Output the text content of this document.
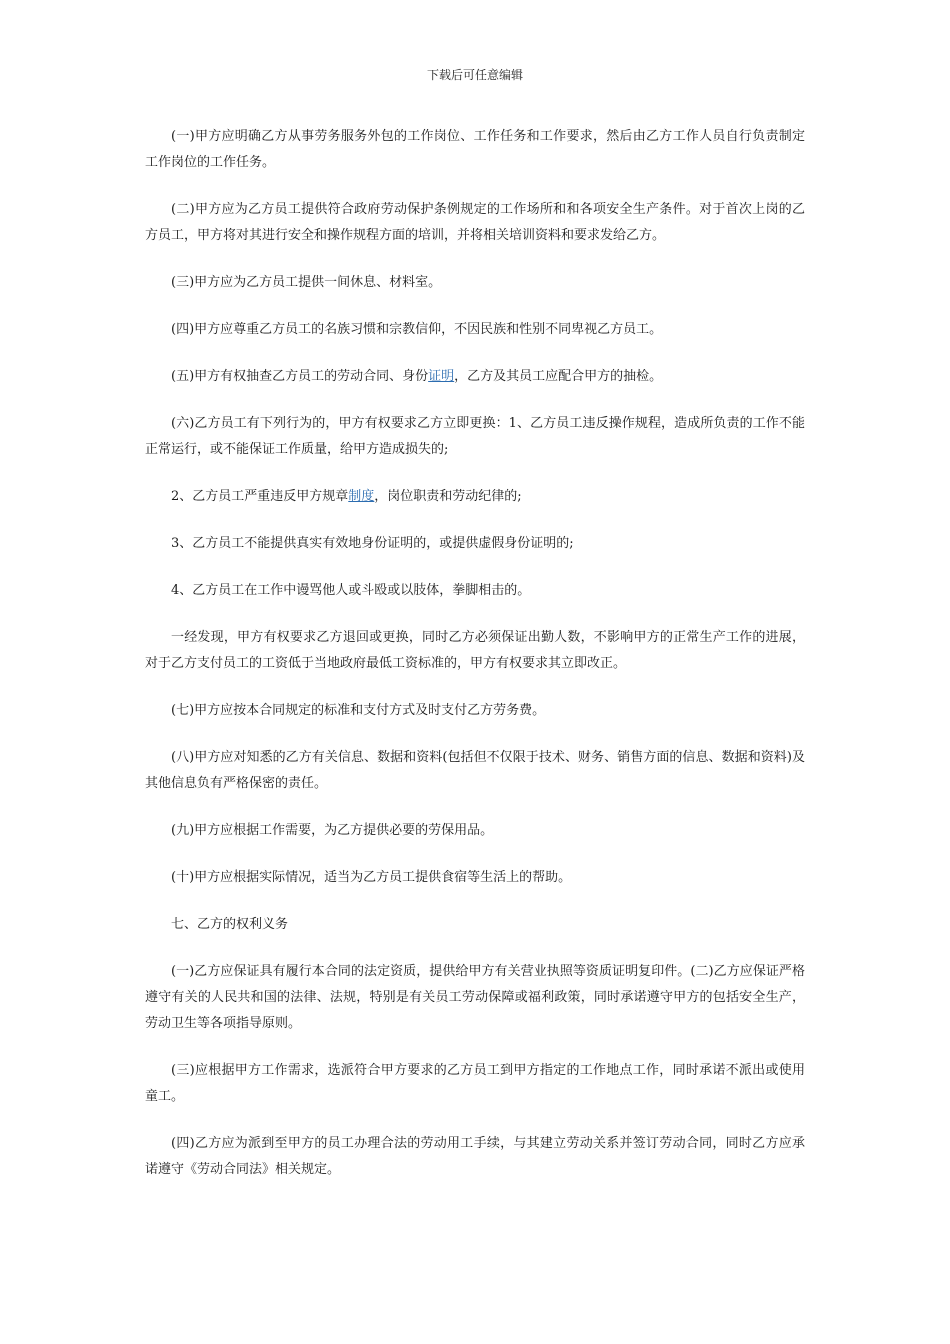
下载后可任意编辑

(一)甲方应明确乙方从事劳务服务外包的工作岗位、工作任务和工作要求，然后由乙方工作人员自行负责制定工作岗位的工作任务。

(二)甲方应为乙方员工提供符合政府劳动保护条例规定的工作场所和和各项安全生产条件。对于首次上岗的乙方员工，甲方将对其进行安全和操作规程方面的培训，并将相关培训资料和要求发给乙方。

(三)甲方应为乙方员工提供一间休息、材料室。

(四)甲方应尊重乙方员工的名族习惯和宗教信仰，不因民族和性别不同卑视乙方员工。

(五)甲方有权抽查乙方员工的劳动合同、身份证明，乙方及其员工应配合甲方的抽检。

(六)乙方员工有下列行为的，甲方有权要求乙方立即更换：1、乙方员工违反操作规程，造成所负责的工作不能正常运行，或不能保证工作质量，给甲方造成损失的;

2、乙方员工严重违反甲方规章制度，岗位职责和劳动纪律的;

3、乙方员工不能提供真实有效地身份证明的，或提供虚假身份证明的;

4、乙方员工在工作中谩骂他人或斗殴或以肢体，拳脚相击的。

一经发现，甲方有权要求乙方退回或更换，同时乙方必须保证出勤人数，不影响甲方的正常生产工作的进展，对于乙方支付员工的工资低于当地政府最低工资标准的，甲方有权要求其立即改正。

(七)甲方应按本合同规定的标准和支付方式及时支付乙方劳务费。

(八)甲方应对知悉的乙方有关信息、数据和资料(包括但不仅限于技术、财务、销售方面的信息、数据和资料)及其他信息负有严格保密的责任。

(九)甲方应根据工作需要，为乙方提供必要的劳保用品。

(十)甲方应根据实际情况，适当为乙方员工提供食宿等生活上的帮助。

七、乙方的权利义务

(一)乙方应保证具有履行本合同的法定资质，提供给甲方有关营业执照等资质证明复印件。(二)乙方应保证严格遵守有关的人民共和国的法律、法规，特别是有关员工劳动保障或福利政策，同时承诺遵守甲方的包括安全生产，劳动卫生等各项指导原则。

(三)应根据甲方工作需求，选派符合甲方要求的乙方员工到甲方指定的工作地点工作，同时承诺不派出或使用童工。

(四)乙方应为派到至甲方的员工办理合法的劳动用工手续，与其建立劳动关系并签订劳动合同，同时乙方应承诺遵守《劳动合同法》相关规定。
